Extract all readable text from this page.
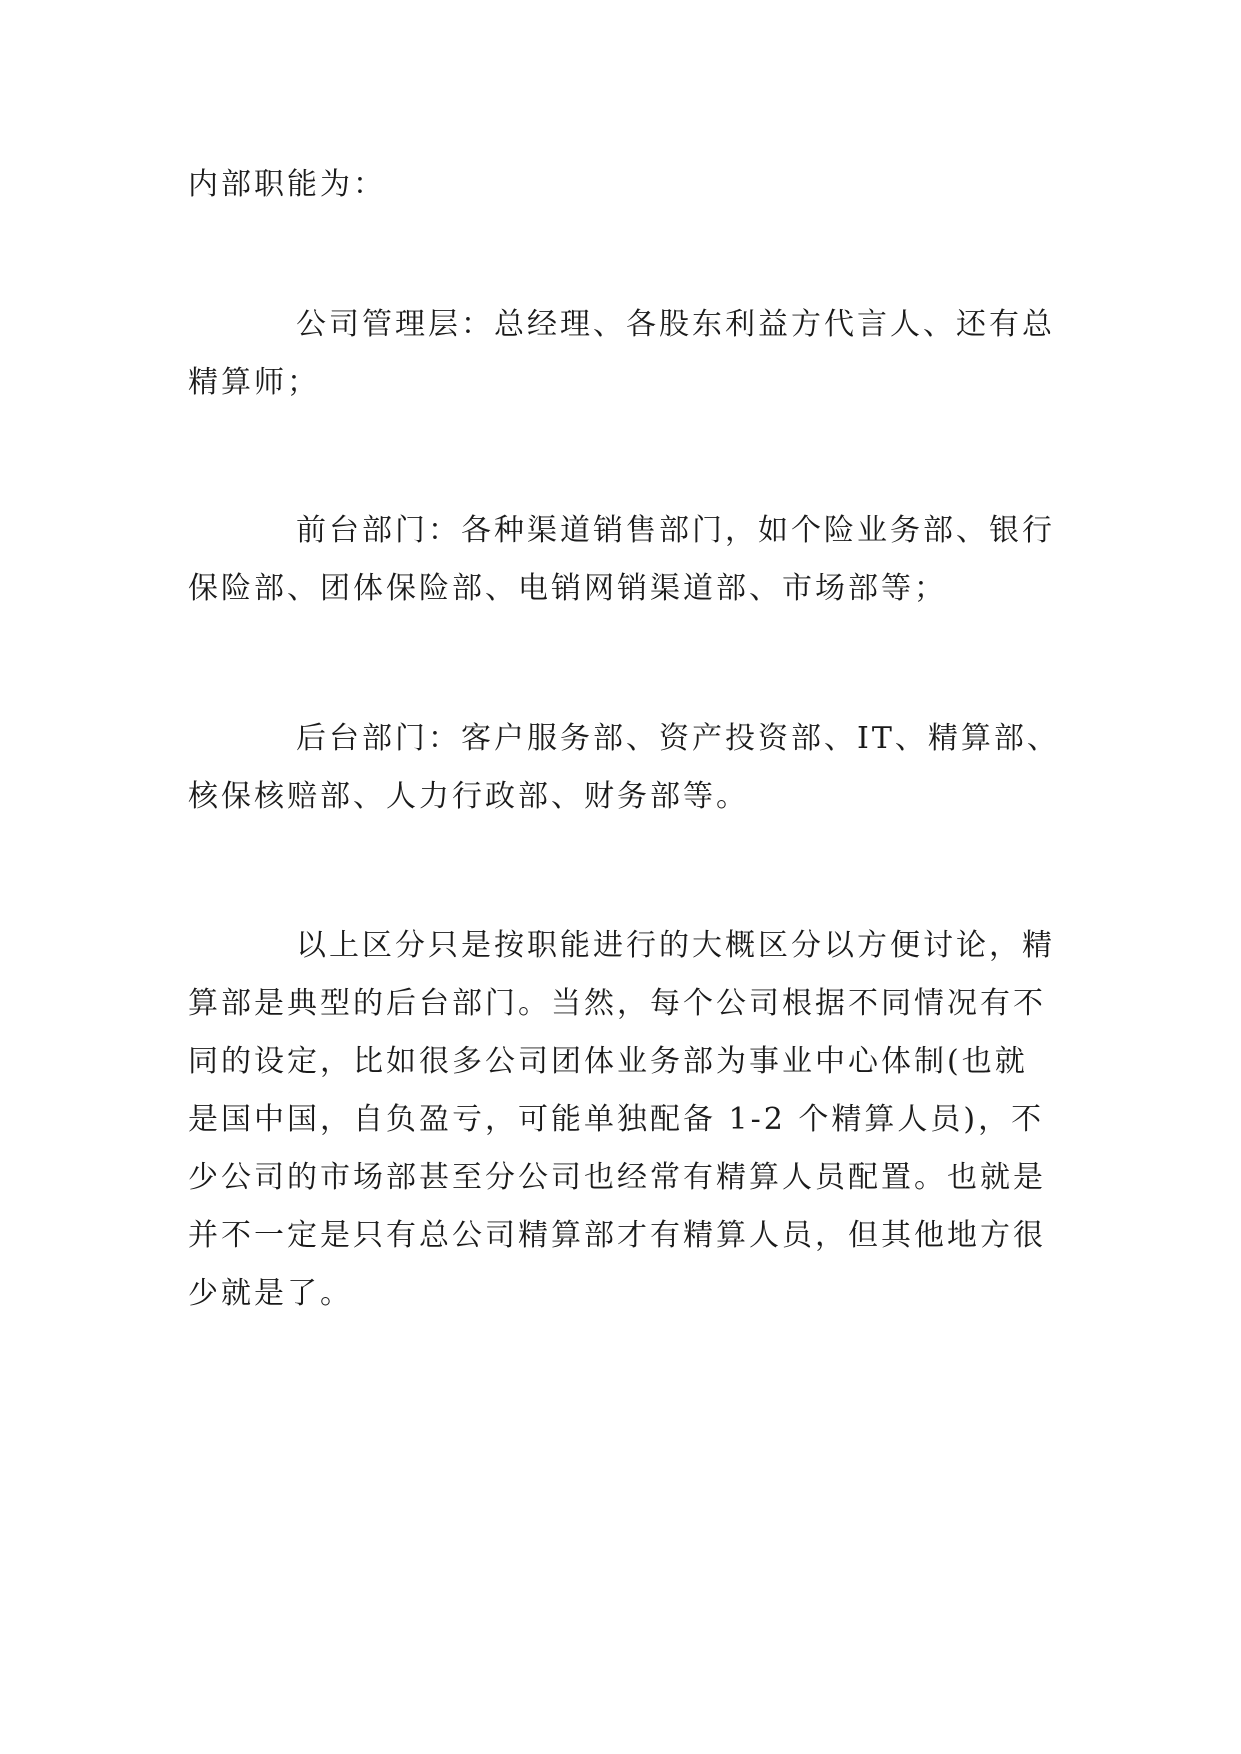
内部职能为：

公司管理层：总经理、各股东利益方代言人、还有总
精算师；

前台部门：各种渠道销售部门，如个险业务部、银行
保险部、团体保险部、电销网销渠道部、市场部等；

后台部门：客户服务部、资产投资部、IT、精算部、
核保核赔部、人力行政部、财务部等。

以上区分只是按职能进行的大概区分以方便讨论，精
算部是典型的后台部门。当然，每个公司根据不同情况有不
同的设定，比如很多公司团体业务部为事业中心体制(也就
是国中国，自负盈亏，可能单独配备 1-2 个精算人员)，不
少公司的市场部甚至分公司也经常有精算人员配置。也就是
并不一定是只有总公司精算部才有精算人员，但其他地方很
少就是了。
